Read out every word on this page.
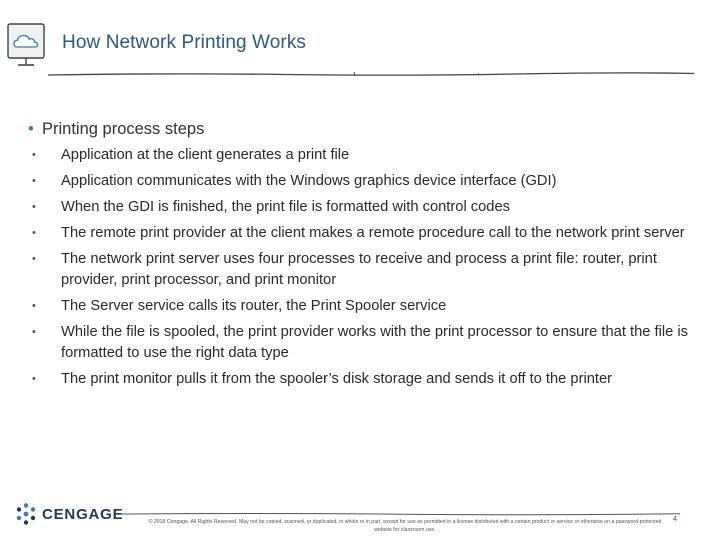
How Network Printing Works
• Printing process steps
•	Application at the client generates a print file
•	Application communicates with the Windows graphics device interface (GDI)
•	When the GDI is finished, the print file is formatted with control codes
•	The remote print provider at the client makes a remote procedure call to the network print server
•	The network print server uses four processes to receive and process a print file: router, print provider, print processor, and print monitor
•	The Server service calls its router, the Print Spooler service
•	While the file is spooled, the print provider works with the print processor to ensure that the file is formatted to use the right data type
•	The print monitor pulls it from the spooler’s disk storage and sends it off to the printer
CENGAGE	© 2018 Cengage. All Rights Reserved. May not be copied, scanned, or duplicated, in whole or in part, except for use as permitted in a license distributed with a certain product or service or otherwise on a password-protected website for classroom use.
4
